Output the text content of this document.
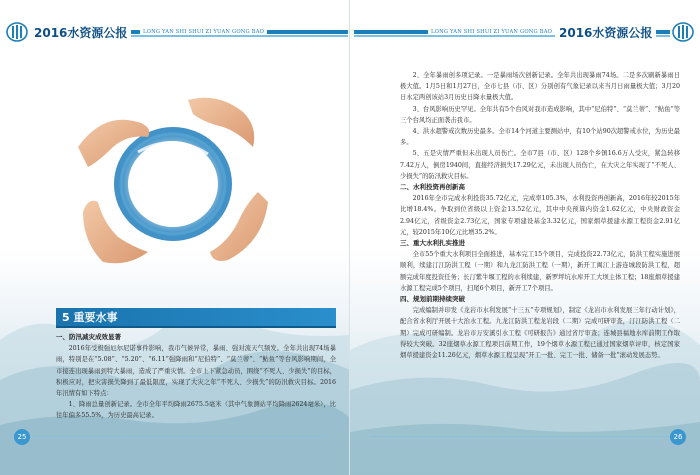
2016水资源公报	LONG YAN SHI SHUI ZI YUAN GONG BAO
5 重要水事

一、防汛减灾成效显著

2016年受极强厄尔尼诺事件影响，我市气候异常，暴雨、强对流天气频发。全年共出现74场暴雨，特别是在“5.08”、“5.20”、“6.11”强降雨和“尼伯特”、“莫兰蒂”、“鲇鱼”等台风影响期间，全市接连出现暴雨到特大暴雨，造成了严重灾情。全市上下紧急动员，围绕“不死人、少损失”的目标，积极应对，把灾害损失降到了最低限度，实现了大灾之年“不死人、少损失”的防汛救灾目标。2016年汛情有如下特点：

1、降雨总量创新记录。全市全年平均降雨2675.5毫米（其中气象测站平均降雨2624毫米），比往年偏多55.5%，为历史最高记录。

25
LONG YAN SHI SHUI ZI YUAN GONG BAO 2016水资源公报

2、全年暴雨创多项记录。一是暴雨场次创新记录。全年共出现暴雨74场。二是多次刷新暴雨日极大值。1月5日和1月27日，全市七县（市、区）分别创有气象记录以来当月日雨量极大值；3月20日永定两创该站3月历史日降水量极大值。

3、台风影响历史罕见。全年共有5个台风对我市造成影响，其中“尼伯特”、“莫兰蒂”、“鲇鱼”等三个台风均正面袭击我市。

4、洪水超警戒次数历史最多。全市14个河道主要测站中，有10个站90次超警戒水位，为历史最多。

5、五是灾情严重但未出现人员伤亡。全市7县（市、区）128个乡镇16.6万人受灾，紧急转移7.42万人，倒房1940间，直接经济损失17.29亿元，未出现人员伤亡，在大灾之年实现了“不死人、少损失”的防汛救灾目标。

二、水利投资再创新高

2016年全市完成水利投资35.72亿元，完成率105.3%，水利投资再创新高，2016年较2015年比增18.4%。争取到位省级以上资金13.52亿元，其中中央预算内资金1.62亿元，中央财政资金2.94亿元，省级资金2.73亿元，国家专项建设基金3.32亿元，国家烟草援建水源工程资金2.91亿元，较2015年10亿元比增35.2%。

三、重大水利扎实推进

全市55个重大水利项目全面推进，基本完工15个项目，完成投资22.73亿元，防洪工程实施进展顺利，续建汀江防洪工程（一期）和九龙江防洪工程（一期），新开工闽江上游连城段防洪工程，超额完成年度投资任务；长汀紫牛堰工程的水利续建，新罗坪坑水库开工大坝主体工程；18座烟草援建水源工程完成5个项目，扫尾6个项目，新开工7个项目。

四、规划前期持续突破

完成编制并印发《龙岩市水利发展“十三五”专项规划》，制定《龙岩市水利发展三年行动计划》，配合省水利厅开展十大治水工程。九龙江防洪工程龙岩段（二期）完成可研审查，汀江防洪工程（二期）完成可研编制。龙岩市万安溪引水工程《可研报告》通过省厅审查；连城县福地水库前期工作取得较大突破。32座烟草水源工程项目前期工作，19个烟草水源工程已通过国家烟草评审，核定国家烟草援建资金11.26亿元，烟草水源工程呈现“开工一批、完工一批、储备一批”滚动发展态势。

26
